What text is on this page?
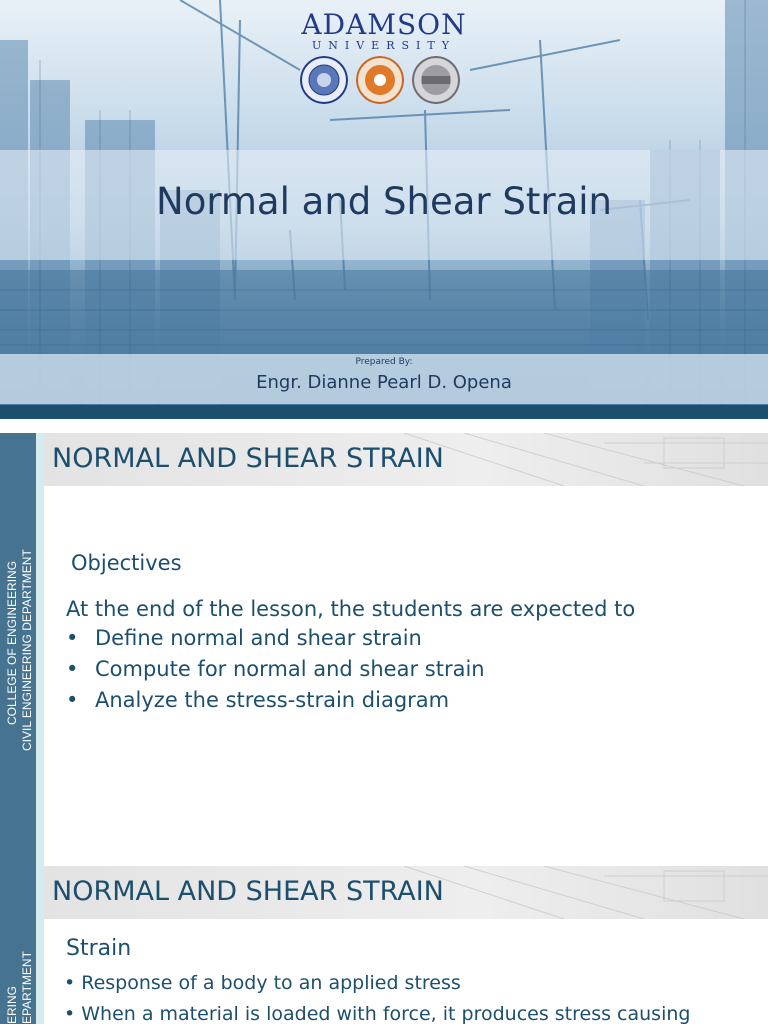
ADAMSON
UNIVERSITY
Normal and Shear Strain
Prepared By:
Engr. Dianne Pearl D. Opena
COLLEGE OF ENGINEERING CIVIL ENGINEERING DEPARTMENT
NORMAL AND SHEAR STRAIN
Objectives
At the end of the lesson, the students are expected to
• Define normal and shear strain
• Compute for normal and shear strain
• Analyze the stress-strain diagram
ERING EPARTMENT
NORMAL AND SHEAR STRAIN
Strain
• Response of a body to an applied stress
• When a material is loaded with force, it produces stress causing
